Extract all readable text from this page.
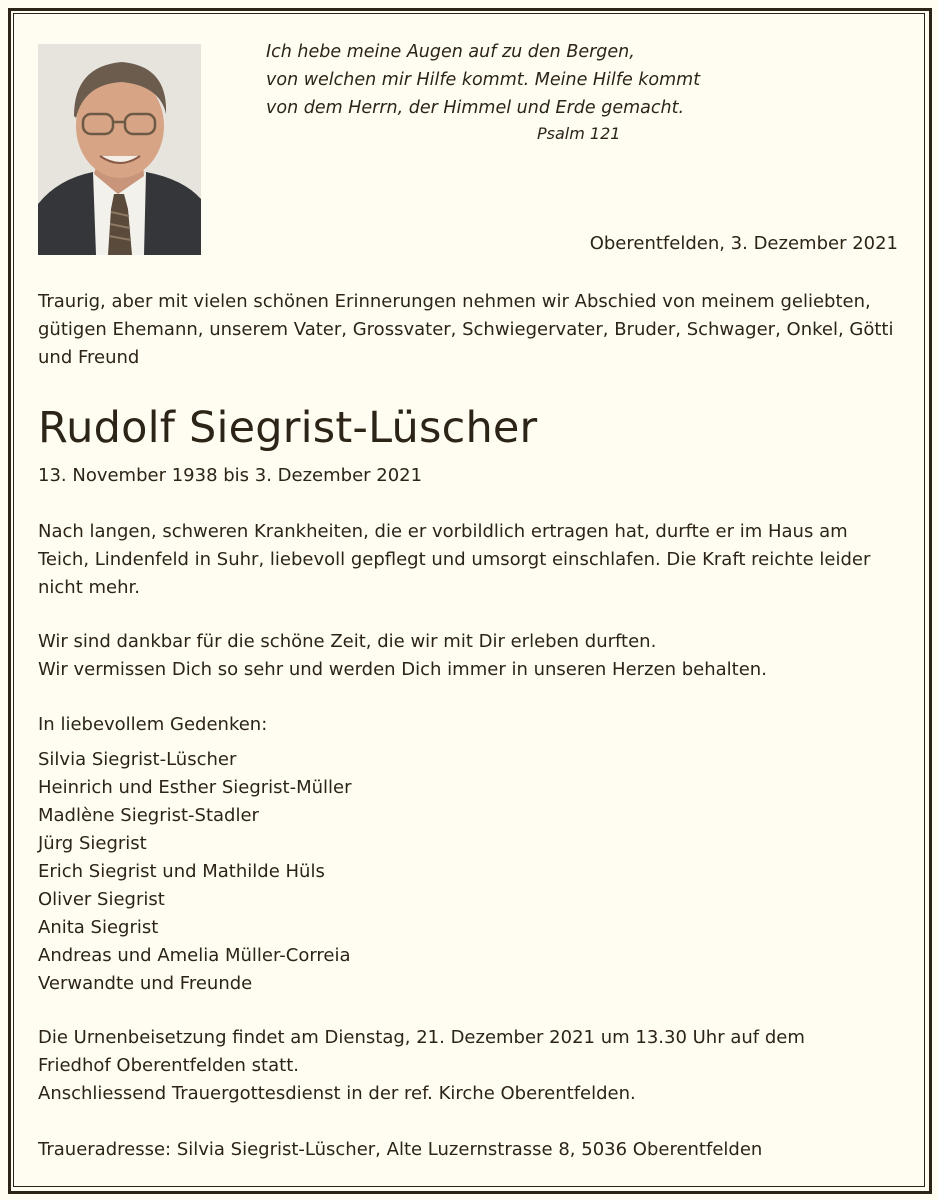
Ich hebe meine Augen auf zu den Bergen,
von welchen mir Hilfe kommt. Meine Hilfe kommt
von dem Herrn, der Himmel und Erde gemacht.
Psalm 121
Oberentfelden, 3. Dezember 2021
Traurig, aber mit vielen schönen Erinnerungen nehmen wir Abschied von meinem geliebten,
gütigen Ehemann, unserem Vater, Grossvater, Schwiegervater, Bruder, Schwager, Onkel, Götti
und Freund
Rudolf Siegrist-Lüscher
13. November 1938 bis 3. Dezember 2021
Nach langen, schweren Krankheiten, die er vorbildlich ertragen hat, durfte er im Haus am
Teich, Lindenfeld in Suhr, liebevoll gepflegt und umsorgt einschlafen. Die Kraft reichte leider
nicht mehr.
Wir sind dankbar für die schöne Zeit, die wir mit Dir erleben durften.
Wir vermissen Dich so sehr und werden Dich immer in unseren Herzen behalten.
In liebevollem Gedenken:
Silvia Siegrist-Lüscher
Heinrich und Esther Siegrist-Müller
Madlène Siegrist-Stadler
Jürg Siegrist
Erich Siegrist und Mathilde Hüls
Oliver Siegrist
Anita Siegrist
Andreas und Amelia Müller-Correia
Verwandte und Freunde
Die Urnenbeisetzung findet am Dienstag, 21. Dezember 2021 um 13.30 Uhr auf dem
Friedhof Oberentfelden statt.
Anschliessend Trauergottesdienst in der ref. Kirche Oberentfelden.
Traueradresse: Silvia Siegrist-Lüscher, Alte Luzernstrasse 8, 5036 Oberentfelden
